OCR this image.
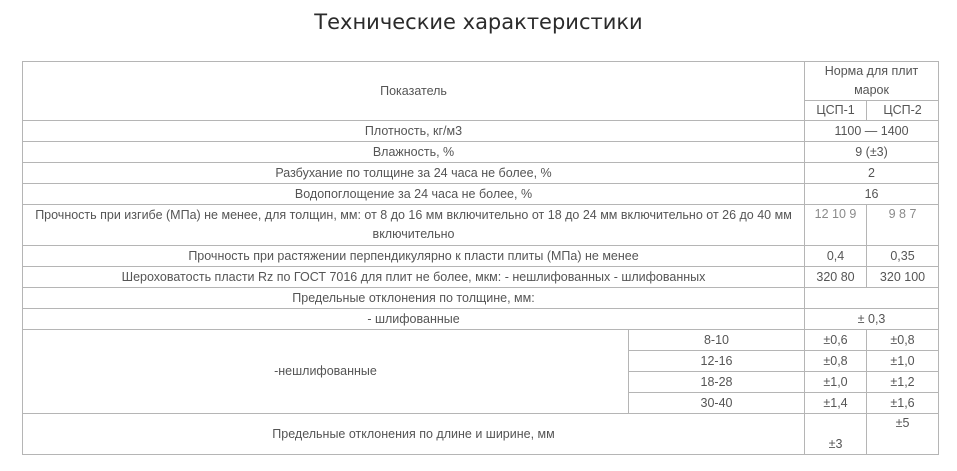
Технические характеристики
Показатель		Норма для плит марок	
		ЦСП-1	ЦСП-2
Плотность, кг/м3		1100 — 1400	
Влажность, %		9 (±3)	
Разбухание по толщине за 24 часа не более, %		2	
Водопоглощение за 24 часа не более, %		16	
Прочность при изгибе (МПа) не менее, для толщин, мм: от 8 до 16 мм включительно от 18 до 24 мм включительно от 26 до 40 мм включительно		12 10 9	9 8 7
Прочность при растяжении перпендикулярно к пласти плиты (МПа) не менее		0,4	0,35
Шероховатость пласти Rz по ГОСТ 7016 для плит не более, мкм: - нешлифованных - шлифованных		320 80	320 100
Предельные отклонения по толщине, мм:			
- шлифованные		± 0,3	
-нешлифованные	8-10	±0,6	±0,8
	12-16	±0,8	±1,0
	18-28	±1,0	±1,2
	30-40	±1,4	±1,6
Предельные отклонения по длине и ширине, мм		±3	±5
